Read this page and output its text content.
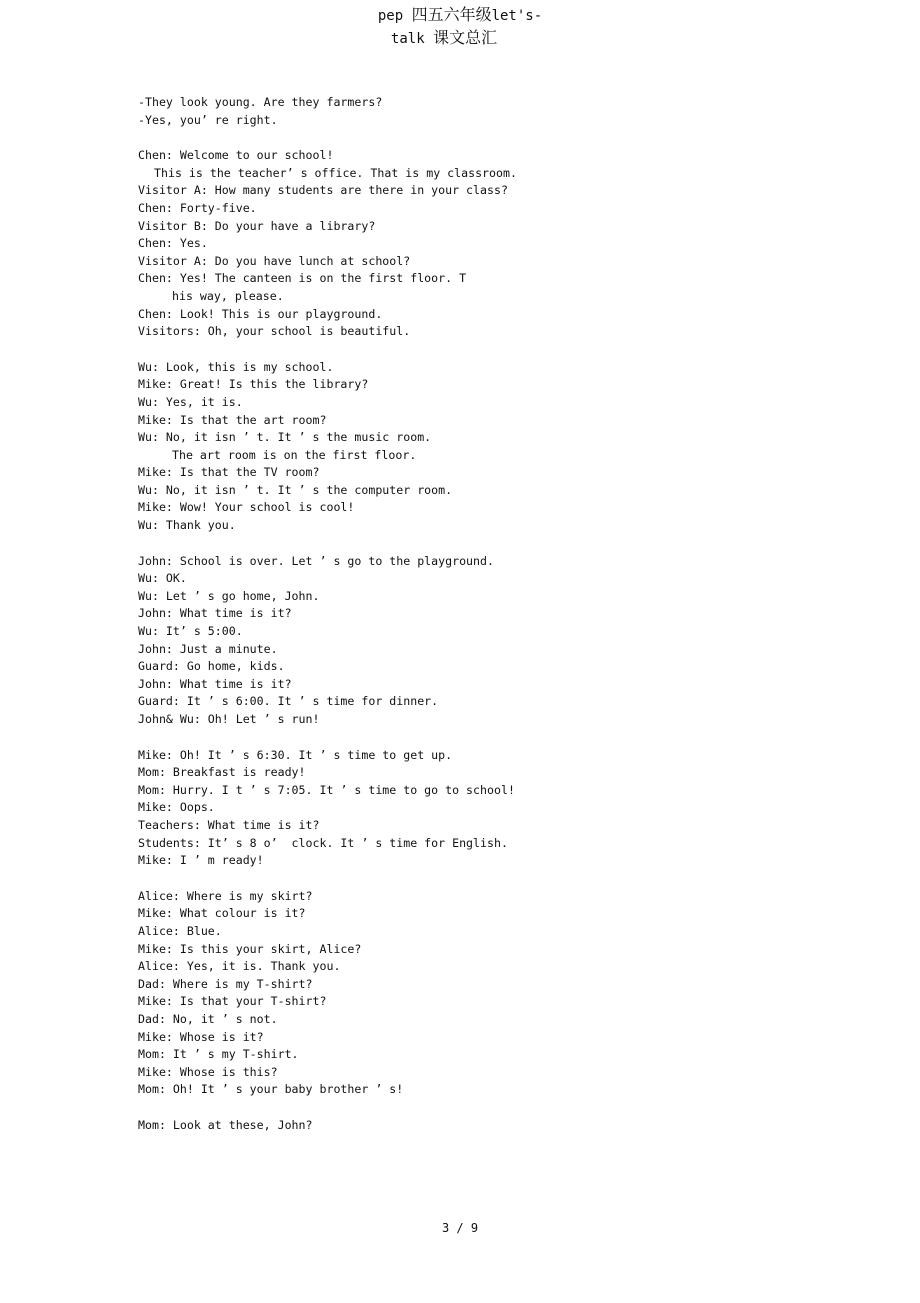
pep 四五六年级let's-
talk 课文总汇
-They look young. Are they farmers?
-Yes, you’ re right.
Chen: Welcome to our school!
This is the teacher’ s office. That is my classroom.
Visitor A: How many students are there in your class?
Chen: Forty-five.
Visitor B: Do your have a library?
Chen: Yes.
Visitor A: Do you have lunch at school?
Chen: Yes! The canteen is on the first floor. T
his way, please.
Chen: Look! This is our playground.
Visitors: Oh, your school is beautiful.
Wu: Look, this is my school.
Mike: Great! Is this the library?
Wu: Yes, it is.
Mike: Is that the art room?
Wu: No, it isn ’ t. It ’ s the music room.
The art room is on the first floor.
Mike: Is that the TV room?
Wu: No, it isn ’ t. It ’ s the computer room.
Mike: Wow! Your school is cool!
Wu: Thank you.
John: School is over. Let ’ s go to the playground.
Wu: OK.
Wu: Let ’ s go home, John.
John: What time is it?
Wu: It’ s 5:00.
John: Just a minute.
Guard: Go home, kids.
John: What time is it?
Guard: It ’ s 6:00. It ’ s time for dinner.
John& Wu: Oh! Let ’ s run!
Mike: Oh! It ’ s 6:30. It ’ s time to get up.
Mom: Breakfast is ready!
Mom: Hurry. I t ’ s 7:05. It ’ s time to go to school!
Mike: Oops.
Teachers: What time is it?
Students: It’ s 8 o’  clock. It ’ s time for English.
Mike: I ’ m ready!
Alice: Where is my skirt?
Mike: What colour is it?
Alice: Blue.
Mike: Is this your skirt, Alice?
Alice: Yes, it is. Thank you.
Dad: Where is my T-shirt?
Mike: Is that your T-shirt?
Dad: No, it ’ s not.
Mike: Whose is it?
Mom: It ’ s my T-shirt.
Mike: Whose is this?
Mom: Oh! It ’ s your baby brother ’ s!
Mom: Look at these, John?
3 / 9
